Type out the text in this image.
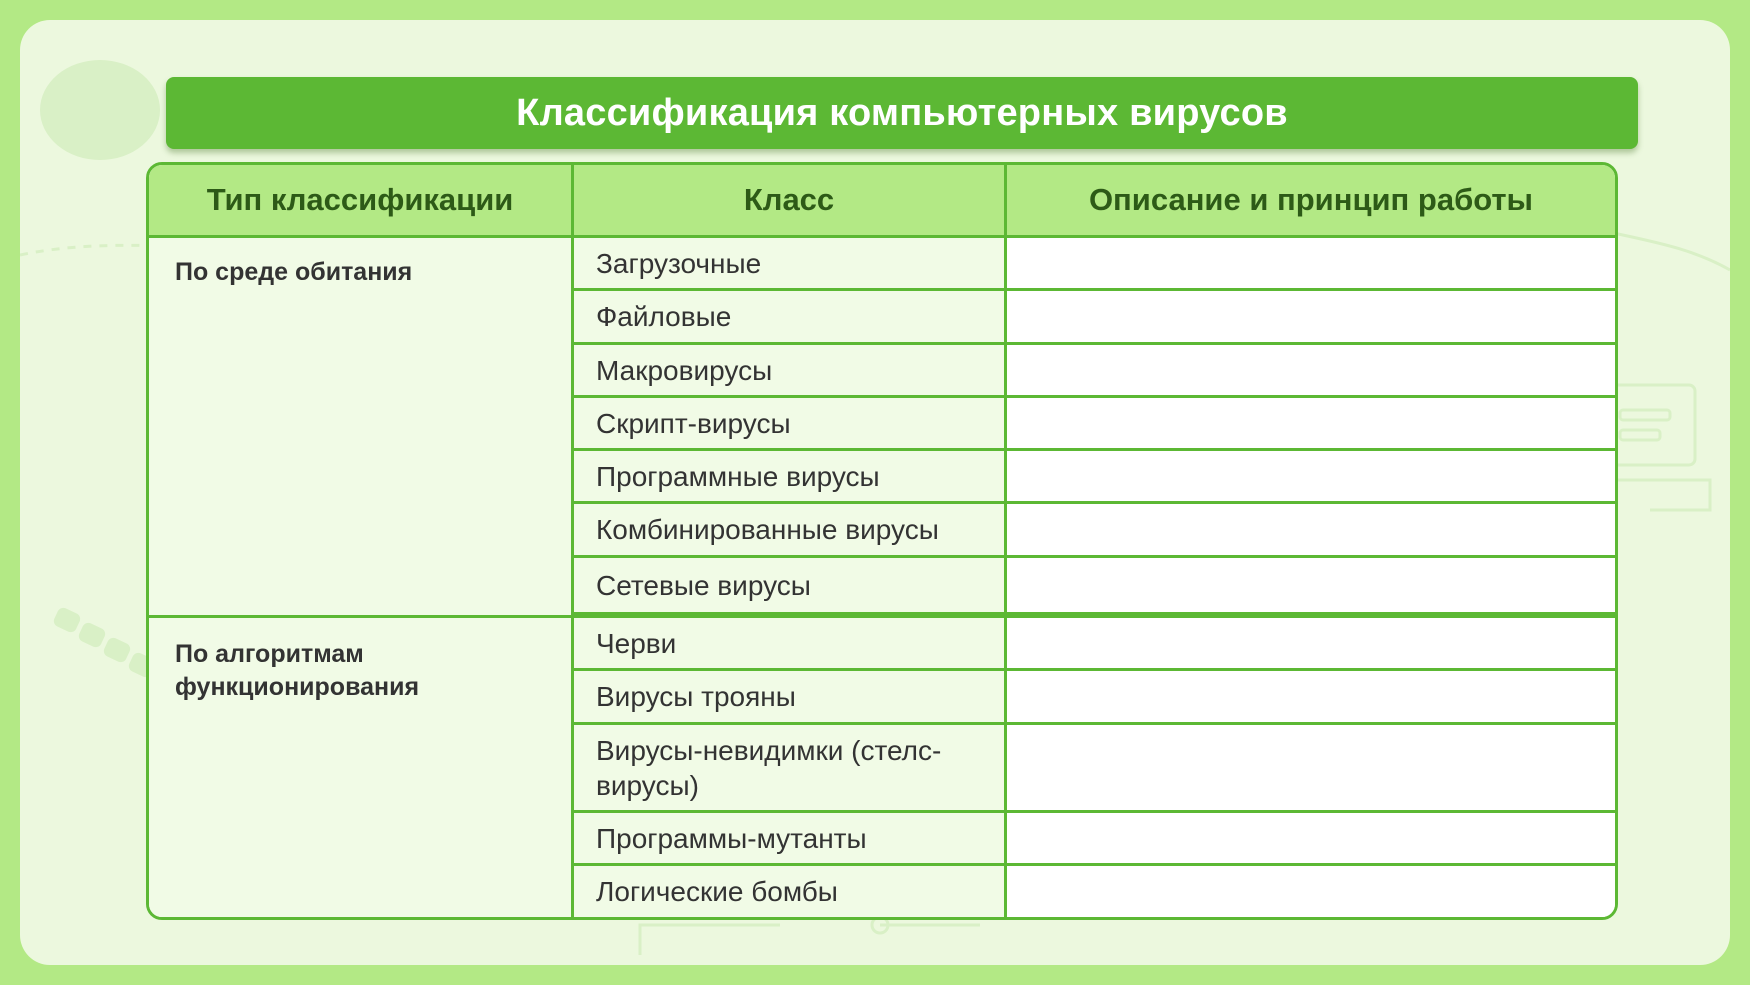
Классификация компьютерных вирусов
Тип классификации	Класс	Описание и принцип работы
По среде обитания
По алгоритмам функционирования
Загрузочные
Файловые
Макровирусы
Скрипт-вирусы
Программные вирусы
Комбинированные вирусы
Сетевые вирусы
Черви
Вирусы трояны
Вирусы-невидимки (стелс-вирусы)
Программы-мутанты
Логические бомбы
